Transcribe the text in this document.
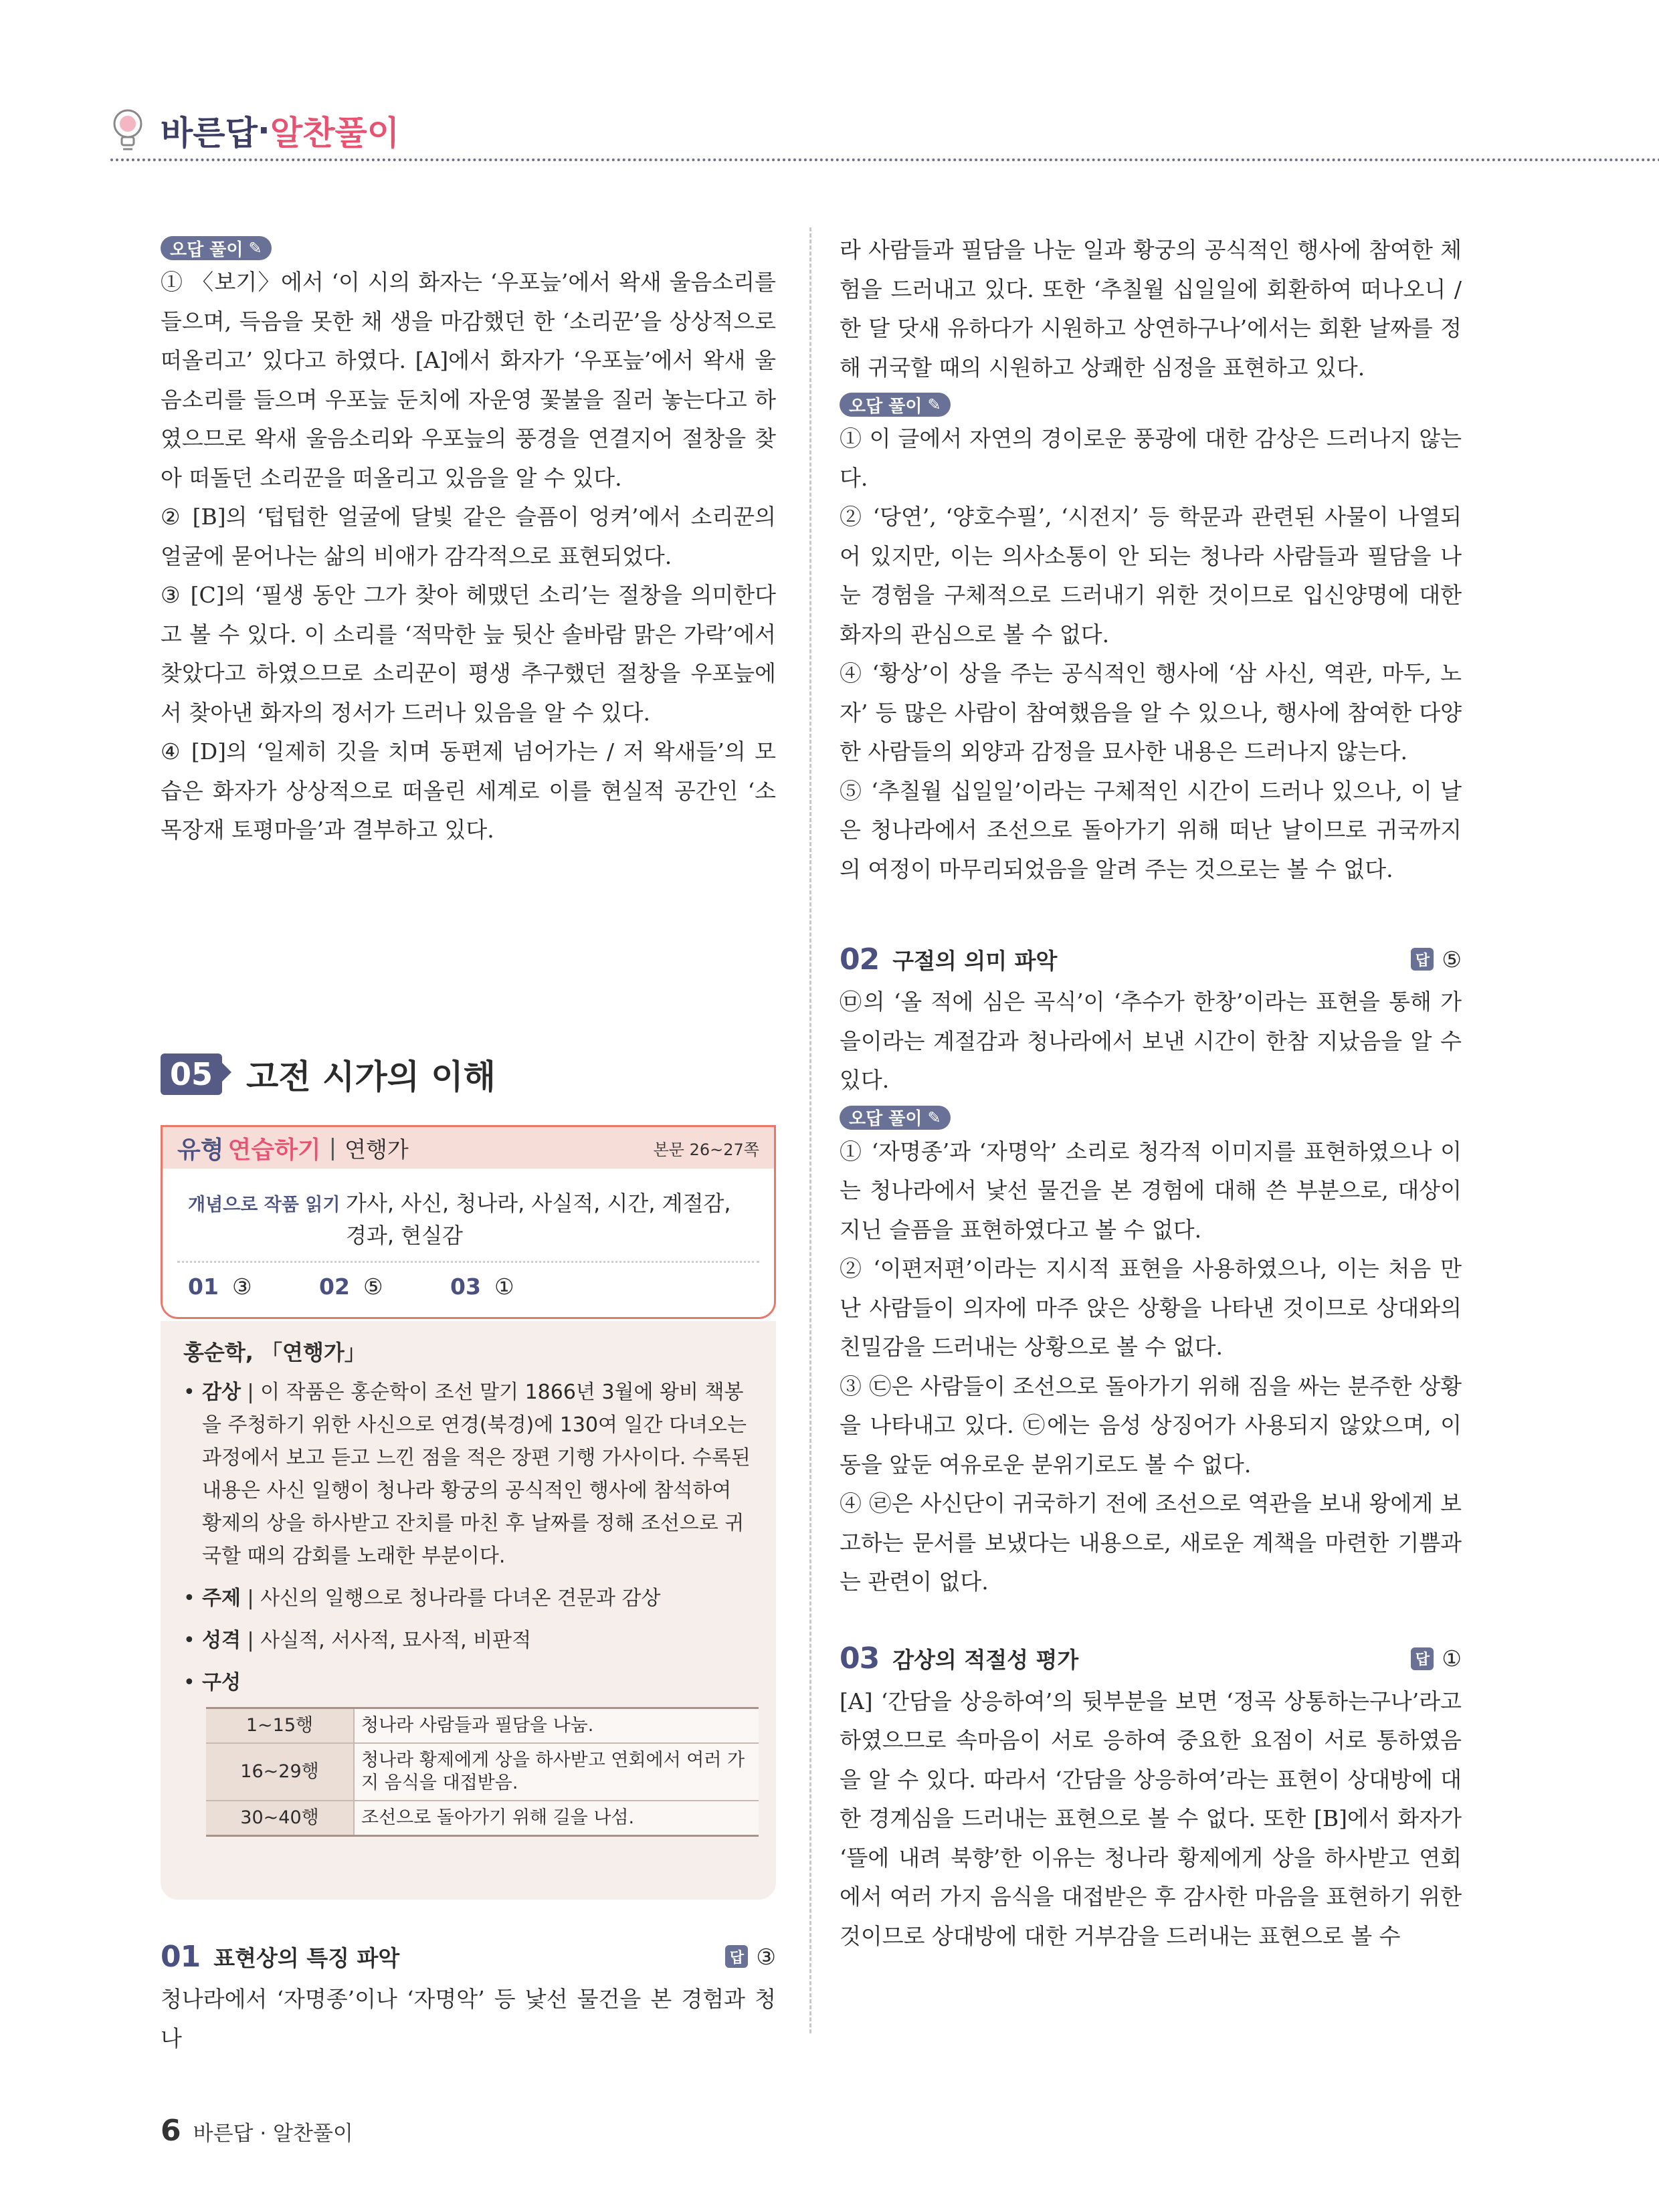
바른답 · 알찬풀이
오답 풀이 ✎

① 〈보기〉에서 ‘이 시의 화자는 ‘우포늪’에서 왁새 울음소리를 들으며, 득음을 못한 채 생을 마감했던 한 ‘소리꾼’을 상상적으로 떠올리고’ 있다고 하였다. [A]에서 화자가 ‘우포늪’에서 왁새 울음소리를 들으며 우포늪 둔치에 자운영 꽃불을 질러 놓는다고 하였으므로 왁새 울음소리와 우포늪의 풍경을 연결지어 절창을 찾아 떠돌던 소리꾼을 떠올리고 있음을 알 수 있다.

② [B]의 ‘텁텁한 얼굴에 달빛 같은 슬픔이 엉켜’에서 소리꾼의 얼굴에 묻어나는 삶의 비애가 감각적으로 표현되었다.

③ [C]의 ‘필생 동안 그가 찾아 헤맸던 소리’는 절창을 의미한다고 볼 수 있다. 이 소리를 ‘적막한 늪 뒷산 솔바람 맑은 가락’에서 찾았다고 하였으므로 소리꾼이 평생 추구했던 절창을 우포늪에서 찾아낸 화자의 정서가 드러나 있음을 알 수 있다.

④ [D]의 ‘일제히 깃을 치며 동편제 넘어가는 / 저 왁새들’의 모습은 화자가 상상적으로 떠올린 세계로 이를 현실적 공간인 ‘소목장재 토평마을’과 결부하고 있다.

05 고전 시가의 이해
유형 연습하기 | 연행가	본문 26~27쪽
개념으로 작품 읽기 가사, 사신, 청나라, 사실적, 시간, 계절감, 경과, 현실감
01 ③	02 ⑤	03 ①
홍순학, 「연행가」
• 감상 | 이 작품은 홍순학이 조선 말기 1866년 3월에 왕비 책봉을 주청하기 위한 사신으로 연경(북경)에 130여 일간 다녀오는 과정에서 보고 듣고 느낀 점을 적은 장편 기행 가사이다. 수록된 내용은 사신 일행이 청나라 황궁의 공식적인 행사에 참석하여 황제의 상을 하사받고 잔치를 마친 후 날짜를 정해 조선으로 귀국할 때의 감회를 노래한 부분이다.
• 주제 | 사신의 일행으로 청나라를 다녀온 견문과 감상
• 성격 | 사실적, 서사적, 묘사적, 비판적
• 구성
1~15행	청나라 사람들과 필담을 나눔.
16~29행	청나라 황제에게 상을 하사받고 연회에서 여러 가지 음식을 대접받음.
30~40행	조선으로 돌아가기 위해 길을 나섬.
01 표현상의 특징 파악	답 ③

청나라에서 ‘자명종’이나 ‘자명악’ 등 낯선 물건을 본 경험과 청나

라 사람들과 필담을 나눈 일과 황궁의 공식적인 행사에 참여한 체험을 드러내고 있다. 또한 ‘추칠월 십일일에 회환하여 떠나오니 / 한 달 닷새 유하다가 시원하고 상연하구나’에서는 회환 날짜를 정해 귀국할 때의 시원하고 상쾌한 심정을 표현하고 있다.

오답 풀이 ✎

① 이 글에서 자연의 경이로운 풍광에 대한 감상은 드러나지 않는다.

② ‘당연’, ‘양호수필’, ‘시전지’ 등 학문과 관련된 사물이 나열되어 있지만, 이는 의사소통이 안 되는 청나라 사람들과 필담을 나눈 경험을 구체적으로 드러내기 위한 것이므로 입신양명에 대한 화자의 관심으로 볼 수 없다.

④ ‘황상’이 상을 주는 공식적인 행사에 ‘삼 사신, 역관, 마두, 노자’ 등 많은 사람이 참여했음을 알 수 있으나, 행사에 참여한 다양한 사람들의 외양과 감정을 묘사한 내용은 드러나지 않는다.

⑤ ‘추칠월 십일일’이라는 구체적인 시간이 드러나 있으나, 이 날은 청나라에서 조선으로 돌아가기 위해 떠난 날이므로 귀국까지의 여정이 마무리되었음을 알려 주는 것으로는 볼 수 없다.

02 구절의 의미 파악	답 ⑤

㉤의 ‘올 적에 심은 곡식’이 ‘추수가 한창’이라는 표현을 통해 가을이라는 계절감과 청나라에서 보낸 시간이 한참 지났음을 알 수 있다.

오답 풀이 ✎

① ‘자명종’과 ‘자명악’ 소리로 청각적 이미지를 표현하였으나 이는 청나라에서 낯선 물건을 본 경험에 대해 쓴 부분으로, 대상이 지닌 슬픔을 표현하였다고 볼 수 없다.

② ‘이편저편’이라는 지시적 표현을 사용하였으나, 이는 처음 만난 사람들이 의자에 마주 앉은 상황을 나타낸 것이므로 상대와의 친밀감을 드러내는 상황으로 볼 수 없다.

③ ㉢은 사람들이 조선으로 돌아가기 위해 짐을 싸는 분주한 상황을 나타내고 있다. ㉢에는 음성 상징어가 사용되지 않았으며, 이동을 앞둔 여유로운 분위기로도 볼 수 없다.

④ ㉣은 사신단이 귀국하기 전에 조선으로 역관을 보내 왕에게 보고하는 문서를 보냈다는 내용으로, 새로운 계책을 마련한 기쁨과는 관련이 없다.

03 감상의 적절성 평가	답 ①

[A] ‘간담을 상응하여’의 뒷부분을 보면 ‘정곡 상통하는구나’라고 하였으므로 속마음이 서로 응하여 중요한 요점이 서로 통하였음을 알 수 있다. 따라서 ‘간담을 상응하여’라는 표현이 상대방에 대한 경계심을 드러내는 표현으로 볼 수 없다. 또한 [B]에서 화자가 ‘뜰에 내려 북향’한 이유는 청나라 황제에게 상을 하사받고 연회에서 여러 가지 음식을 대접받은 후 감사한 마음을 표현하기 위한 것이므로 상대방에 대한 거부감을 드러내는 표현으로 볼 수

6 바른답 · 알찬풀이
